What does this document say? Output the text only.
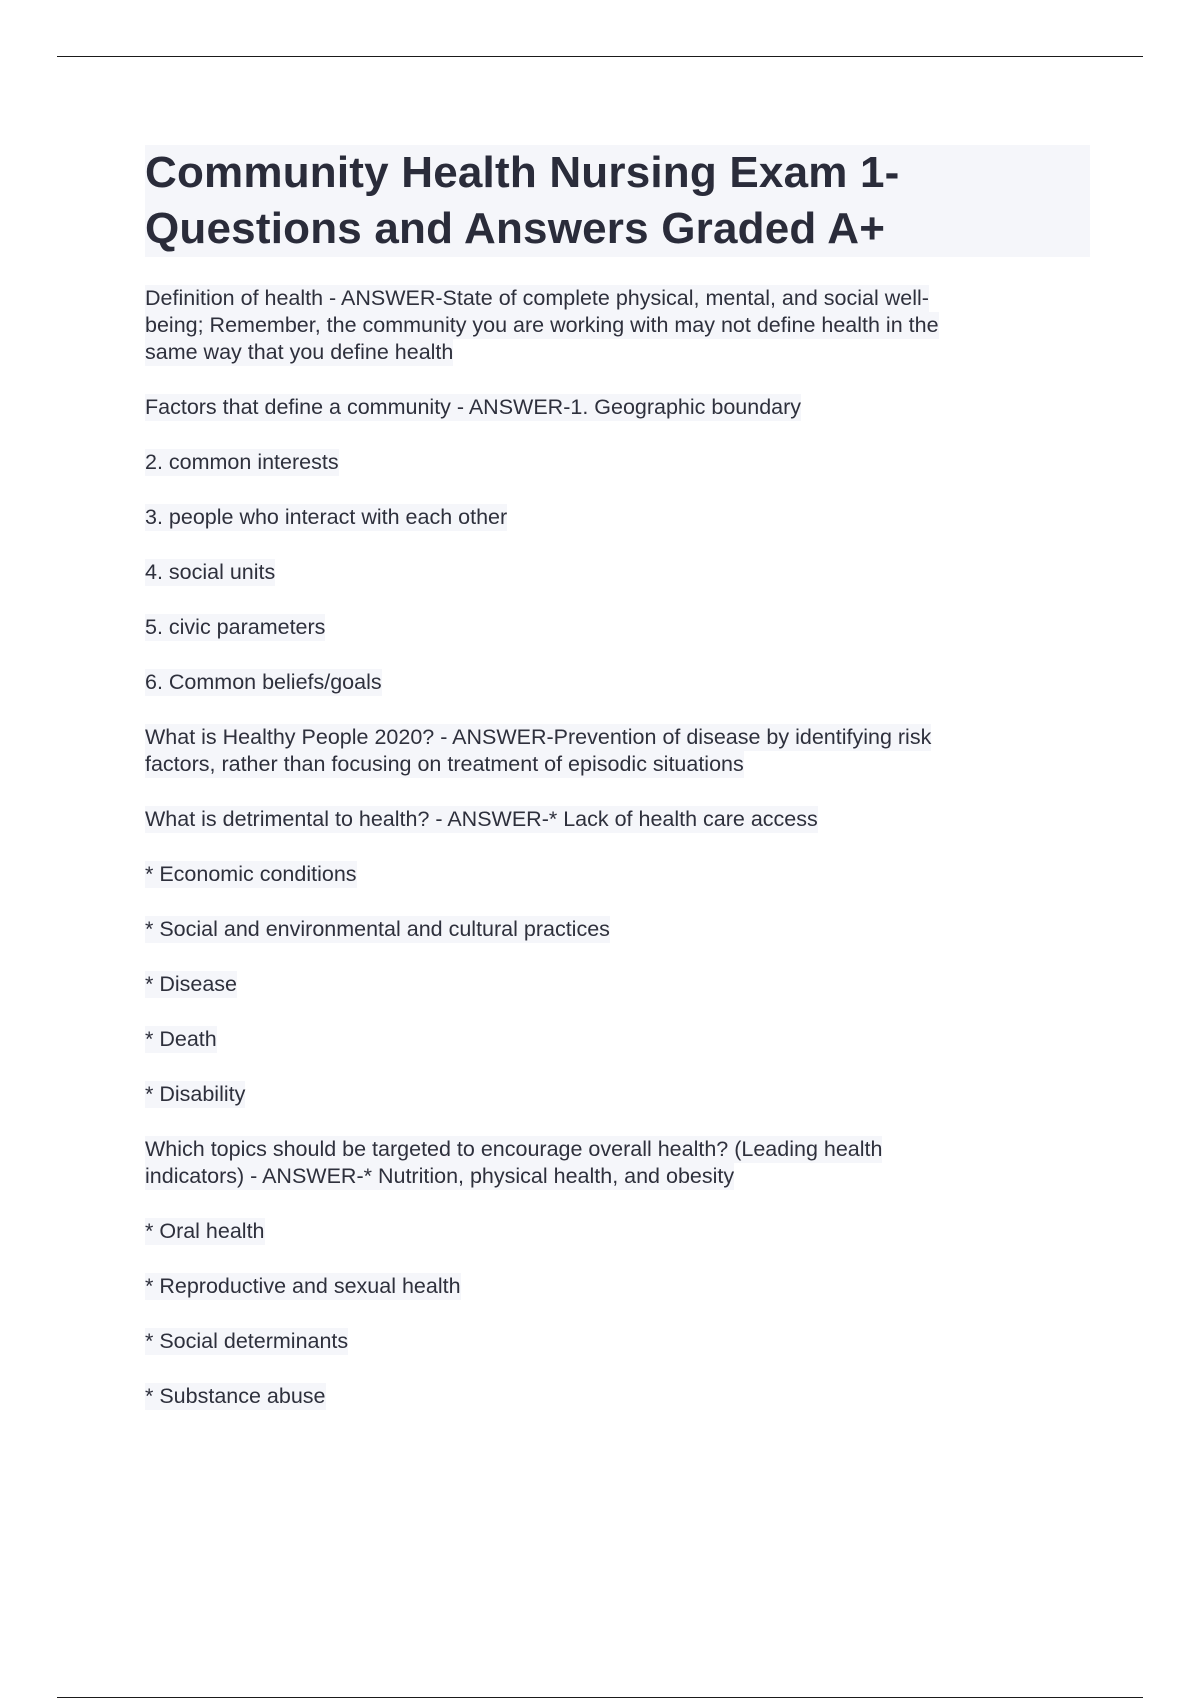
Community Health Nursing Exam 1-
Questions and Answers Graded A+
Definition of health - ANSWER-State of complete physical, mental, and social well-
being; Remember, the community you are working with may not define health in the
same way that you define health
Factors that define a community - ANSWER-1. Geographic boundary
2. common interests
3. people who interact with each other
4. social units
5. civic parameters
6. Common beliefs/goals
What is Healthy People 2020? - ANSWER-Prevention of disease by identifying risk
factors, rather than focusing on treatment of episodic situations
What is detrimental to health? - ANSWER-* Lack of health care access
* Economic conditions
* Social and environmental and cultural practices
* Disease
* Death
* Disability
Which topics should be targeted to encourage overall health? (Leading health
indicators) - ANSWER-* Nutrition, physical health, and obesity
* Oral health
* Reproductive and sexual health
* Social determinants
* Substance abuse
